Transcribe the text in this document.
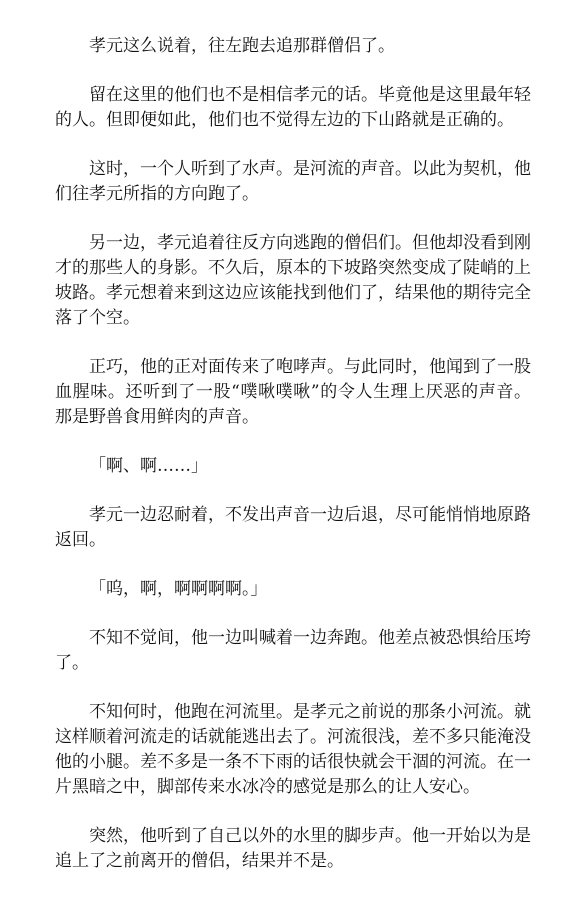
孝元这么说着，往左跑去追那群僧侣了。

留在这里的他们也不是相信孝元的话。毕竟他是这里最年轻的人。但即便如此，他们也不觉得左边的下山路就是正确的。

这时，一个人听到了水声。是河流的声音。以此为契机，他们往孝元所指的方向跑了。

另一边，孝元追着往反方向逃跑的僧侣们。但他却没看到刚才的那些人的身影。不久后，原本的下坡路突然变成了陡峭的上坡路。孝元想着来到这边应该能找到他们了，结果他的期待完全落了个空。

正巧，他的正对面传来了咆哮声。与此同时，他闻到了一股血腥味。还听到了一股“噗啾噗啾”的令人生理上厌恶的声音。那是野兽食用鲜肉的声音。

「啊、啊……」

孝元一边忍耐着，不发出声音一边后退，尽可能悄悄地原路返回。

「呜，啊，啊啊啊啊。」

不知不觉间，他一边叫喊着一边奔跑。他差点被恐惧给压垮了。

不知何时，他跑在河流里。是孝元之前说的那条小河流。就这样顺着河流走的话就能逃出去了。河流很浅，差不多只能淹没他的小腿。差不多是一条不下雨的话很快就会干涸的河流。在一片黑暗之中，脚部传来水冰冷的感觉是那么的让人安心。

突然，他听到了自己以外的水里的脚步声。他一开始以为是追上了之前离开的僧侣，结果并不是。
